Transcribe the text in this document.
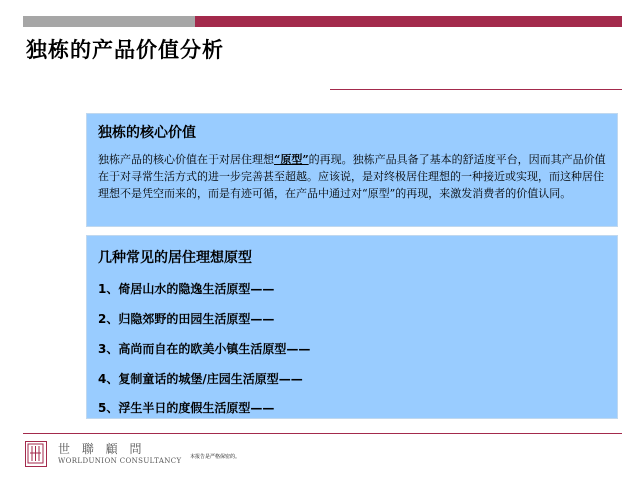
独栋的产品价值分析
独栋的核心价值
独栋产品的核心价值在于对居住理想“原型”的再现。独栋产品具备了基本的舒适度平台，因而其产品价值在于对寻常生活方式的进一步完善甚至超越。应该说，是对终极居住理想的一种接近或实现，而这种居住理想不是凭空而来的，而是有迹可循，在产品中通过对“原型”的再现，来激发消费者的价值认同。
几种常见的居住理想原型
1、倚居山水的隐逸生活原型——
2、归隐郊野的田园生活原型——
3、高尚而自在的欧美小镇生活原型——
4、复制童话的城堡/庄园生活原型——
5、浮生半日的度假生活原型——
世 聯 顧 問
WORLDUNION CONSULTANCY 本报告是严格保密的。
